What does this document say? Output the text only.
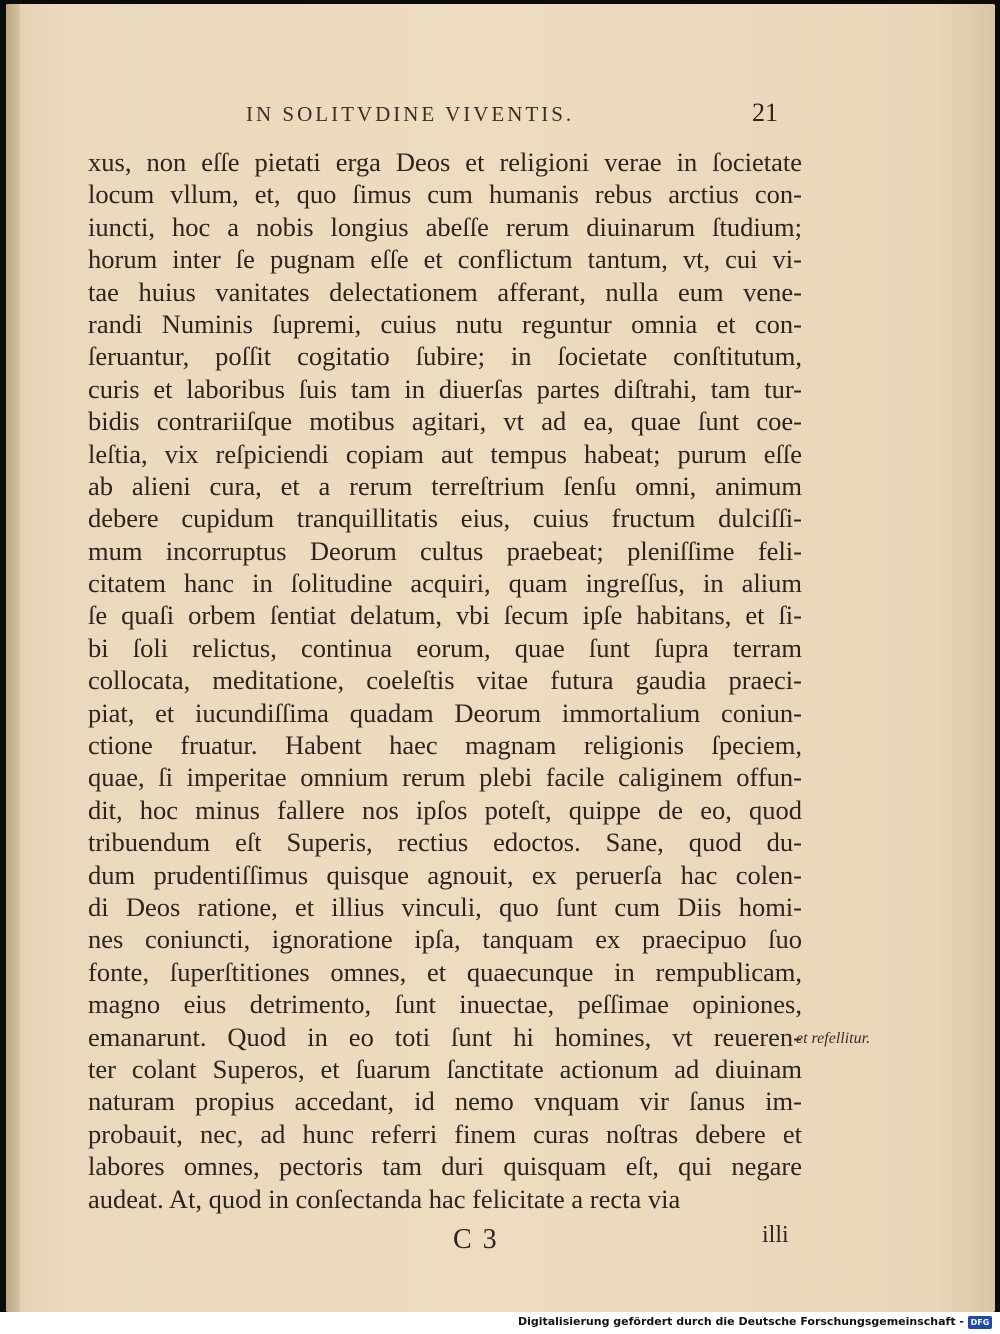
IN SOLITVDINE VIVENTIS.	21
xus, non eſſe pietati erga Deos et religioni verae in ſocietate
locum vllum, et, quo ſimus cum humanis rebus arctius con-
iuncti, hoc a nobis longius abeſſe rerum diuinarum ſtudium;
horum inter ſe pugnam eſſe et conflictum tantum, vt, cui vi-
tae huius vanitates delectationem afferant, nulla eum vene-
randi Numinis ſupremi, cuius nutu reguntur omnia et con-
ſeruantur, poſſit cogitatio ſubire; in ſocietate conſtitutum,
curis et laboribus ſuis tam in diuerſas partes diſtrahi, tam tur-
bidis contrariiſque motibus agitari, vt ad ea, quae ſunt coe-
leſtia, vix reſpiciendi copiam aut tempus habeat; purum eſſe
ab alieni cura, et a rerum terreſtrium ſenſu omni, animum
debere cupidum tranquillitatis eius, cuius fructum dulciſſi-
mum incorruptus Deorum cultus praebeat; pleniſſime feli-
citatem hanc in ſolitudine acquiri, quam ingreſſus, in alium
ſe quaſi orbem ſentiat delatum, vbi ſecum ipſe habitans, et ſi-
bi ſoli relictus, continua eorum, quae ſunt ſupra terram
collocata, meditatione, coeleſtis vitae futura gaudia praeci-
piat, et iucundiſſima quadam Deorum immortalium coniun-
ctione fruatur. Habent haec magnam religionis ſpeciem,
quae, ſi imperitae omnium rerum plebi facile caliginem offun-
dit, hoc minus fallere nos ipſos poteſt, quippe de eo, quod
tribuendum eſt Superis, rectius edoctos. Sane, quod du-
dum prudentiſſimus quisque agnouit, ex peruerſa hac colen-
di Deos ratione, et illius vinculi, quo ſunt cum Diis homi-
nes coniuncti, ignoratione ipſa, tanquam ex praecipuo ſuo
fonte, ſuperſtitiones omnes, et quaecunque in rempublicam,
magno eius detrimento, ſunt inuectae, peſſimae opiniones,
emanarunt. Quod in eo toti ſunt hi homines, vt reueren-
ter colant Superos, et ſuarum ſanctitate actionum ad diuinam
naturam propius accedant, id nemo vnquam vir ſanus im-
probauit, nec, ad hunc referri finem curas noſtras debere et
labores omnes, pectoris tam duri quisquam eſt, qui negare
audeat. At, quod in conſectanda hac felicitate a recta via
et refellitur.
C 3	illi
Digitalisierung gefördert durch die Deutsche Forschungsgemeinschaft - DFG
